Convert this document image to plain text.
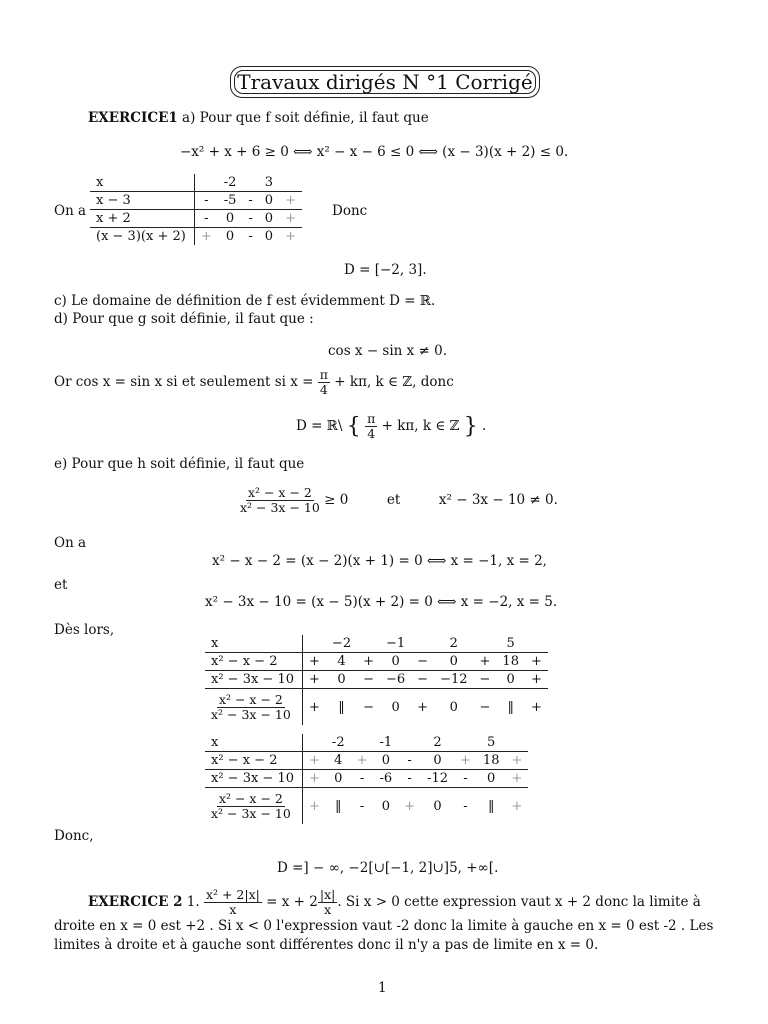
Travaux dirigés N °1 Corrigé
EXERCICE1 a) Pour que f soit définie, il faut que
−x² + x + 6 ≥ 0 ⟺ x² − x − 6 ≤ 0 ⟺ (x − 3)(x + 2) ≤ 0.
On a
x		-2		3	
x − 3	-	-5	-	0	+
x + 2	-	0	-	0	+
(x − 3)(x + 2)	+	0	-	0	+
Donc
D = [−2, 3].
c) Le domaine de définition de f est évidemment D = ℝ.
d) Pour que g soit définie, il faut que :
cos x − sin x ≠ 0.
Or cos x = sin x si et seulement si $x = \frac{\pi}{4} + k\pi$, k ∈ ℤ, donc
D = ℝ\ { $\frac{\pi}{4} + k\pi$, k ∈ ℤ } .
e) Pour que h soit définie, il faut que
$\frac{\text{x² − x − 2}}{\text{x² − 3x − 10}} \ge 0$	et	x² − 3x − 10 ≠ 0.
On a
x² − x − 2 = (x − 2)(x + 1) = 0 ⟺ x = −1, x = 2,
et
x² − 3x − 10 = (x − 5)(x + 2) = 0 ⟺ x = −2, x = 5.
Dès lors,
x		−2		−1		2		5	
x² − x − 2	+	4	+	0	−	0	+	18	+
x² − 3x − 10	+	0	−	−6	−	−12	−	0	+

$\frac{\text{x² − x − 2}}{\text{x² − 3x − 10}}$	+	‖	−	0	+	0	−	‖	+
x		-2		-1		2		5	
x² − x − 2	+	4	+	0	-	0	+	18	+
x² − 3x − 10	+	0	-	-6	-	-12	-	0	+

$\frac{\text{x² − x − 2}}{\text{x² − 3x − 10}}$	+	‖	-	0	+	0	-	‖	+
Donc,
D =] − ∞, −2[∪[−1, 2]∪]5, +∞[.
EXERCICE 2 1. $\frac{\text{x² + 2|x|}}{x} = x + 2 \frac{|x|}{x}$ . Si x > 0 cette expression vaut x + 2 donc la limite à
droite en x = 0 est +2 . Si x < 0 l'expression vaut -2 donc la limite à gauche en x = 0 est -2 . Les
limites à droite et à gauche sont différentes donc il n'y a pas de limite en x = 0.
1
